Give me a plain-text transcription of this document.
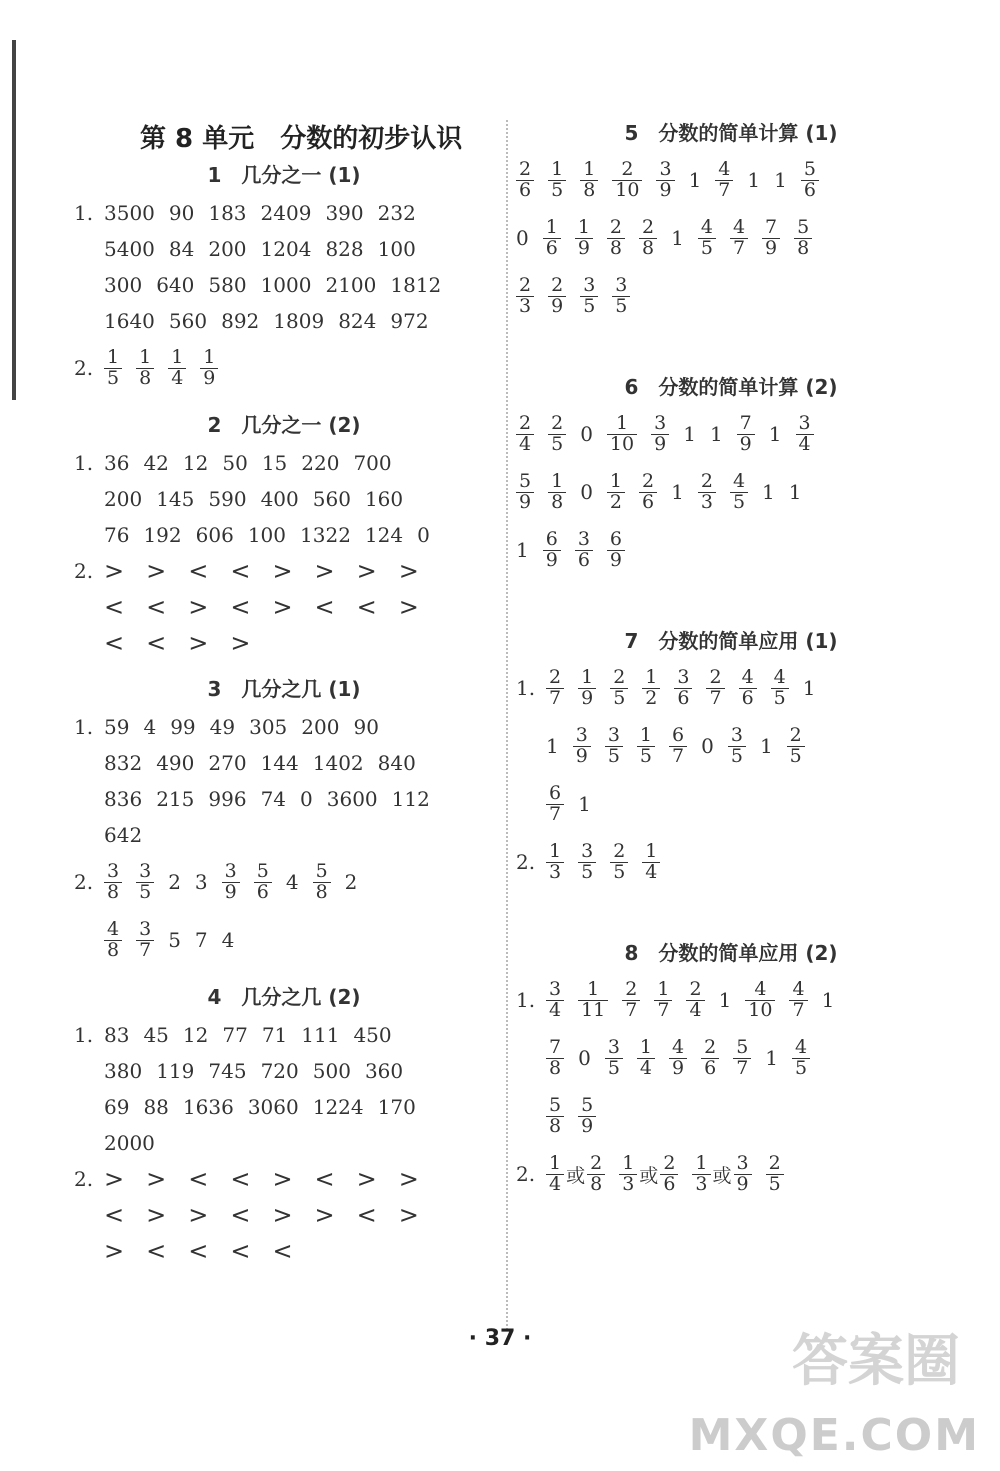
第 8 单元　分数的初步认识
1　几分之一 (1)
1. 3500 90 183 2409 390 232
5400 84 200 1204 828 100
300 640 580 1000 2100 1812
1640 560 892 1809 824 972
2. $\frac{1}{5} \frac{1}{8} \frac{1}{4} \frac{1}{9}$
2　几分之一 (2)
1. 36 42 12 50 15 220 700
200 145 590 400 560 160
76 192 606 100 1322 124 0
2. > > < < > > > >
< < > < > < < >
< < > >
3　几分之几 (1)
1. 59 4 99 49 305 200 90
832 490 270 144 1402 840
836 215 996 74 0 3600 112
642
2. $\frac{3}{8} \frac{3}{5} 2$ $3 \frac{3}{9} \frac{5}{6} 4 \frac{5}{8} 2$
$\frac{4}{8} \frac{3}{7} 5$ 7 4
4　几分之几 (2)
1. 83 45 12 77 71 111 450
380 119 745 720 500 360
69 88 1636 3060 1224 170
2000
2. > > < < > < > >
< > > < > > < >
> < < < <
5　分数的简单计算 (1)
$\frac{2}{6} \frac{1}{5} \frac{1}{8} \frac{2}{10} \frac{3}{9} 1 \frac{4}{7} 1$ $1 \frac{5}{6}$
$0 \frac{1}{6} \frac{1}{9} \frac{2}{8} \frac{2}{8} 1 \frac{4}{5} \frac{4}{7} \frac{7}{9} \frac{5}{8}$
$\frac{2}{3} \frac{2}{9} \frac{3}{5} \frac{3}{5}$
6　分数的简单计算 (2)
$\frac{2}{4} \frac{2}{5} 0 \frac{1}{10} \frac{3}{9} 1$ $1 \frac{7}{9} 1 \frac{3}{4}$
$\frac{5}{9} \frac{1}{8} 0 \frac{1}{2} \frac{2}{6} 1 \frac{2}{3} \frac{4}{5} 1$ 1
$1 \frac{6}{9} \frac{3}{6} \frac{6}{9}$
7　分数的简单应用 (1)
1. $\frac{2}{7} \frac{1}{9} \frac{2}{5} \frac{1}{2} \frac{3}{6} \frac{2}{7} \frac{4}{6} \frac{4}{5} 1$
$1 \frac{3}{9} \frac{3}{5} \frac{1}{5} \frac{6}{7} 0 \frac{3}{5} 1 \frac{2}{5}$
$\frac{6}{7} 1$
2. $\frac{1}{3} \frac{3}{5} \frac{2}{5} \frac{1}{4}$
8　分数的简单应用 (2)
1. $\frac{3}{4} \frac{1}{11} \frac{2}{7} \frac{1}{7} \frac{2}{4} 1 \frac{4}{10} \frac{4}{7} 1$
$\frac{7}{8} 0 \frac{3}{5} \frac{1}{4} \frac{4}{9} \frac{2}{6} \frac{5}{7} 1 \frac{4}{5}$
$\frac{5}{8} \frac{5}{9}$
2. $\frac{1}{4}$ 或 $\frac{2}{8} \frac{1}{3}$ 或 $\frac{2}{6} \frac{1}{3}$ 或 $\frac{3}{9} \frac{2}{5}$
· 37 ·	答案圈
MXQE.COM
